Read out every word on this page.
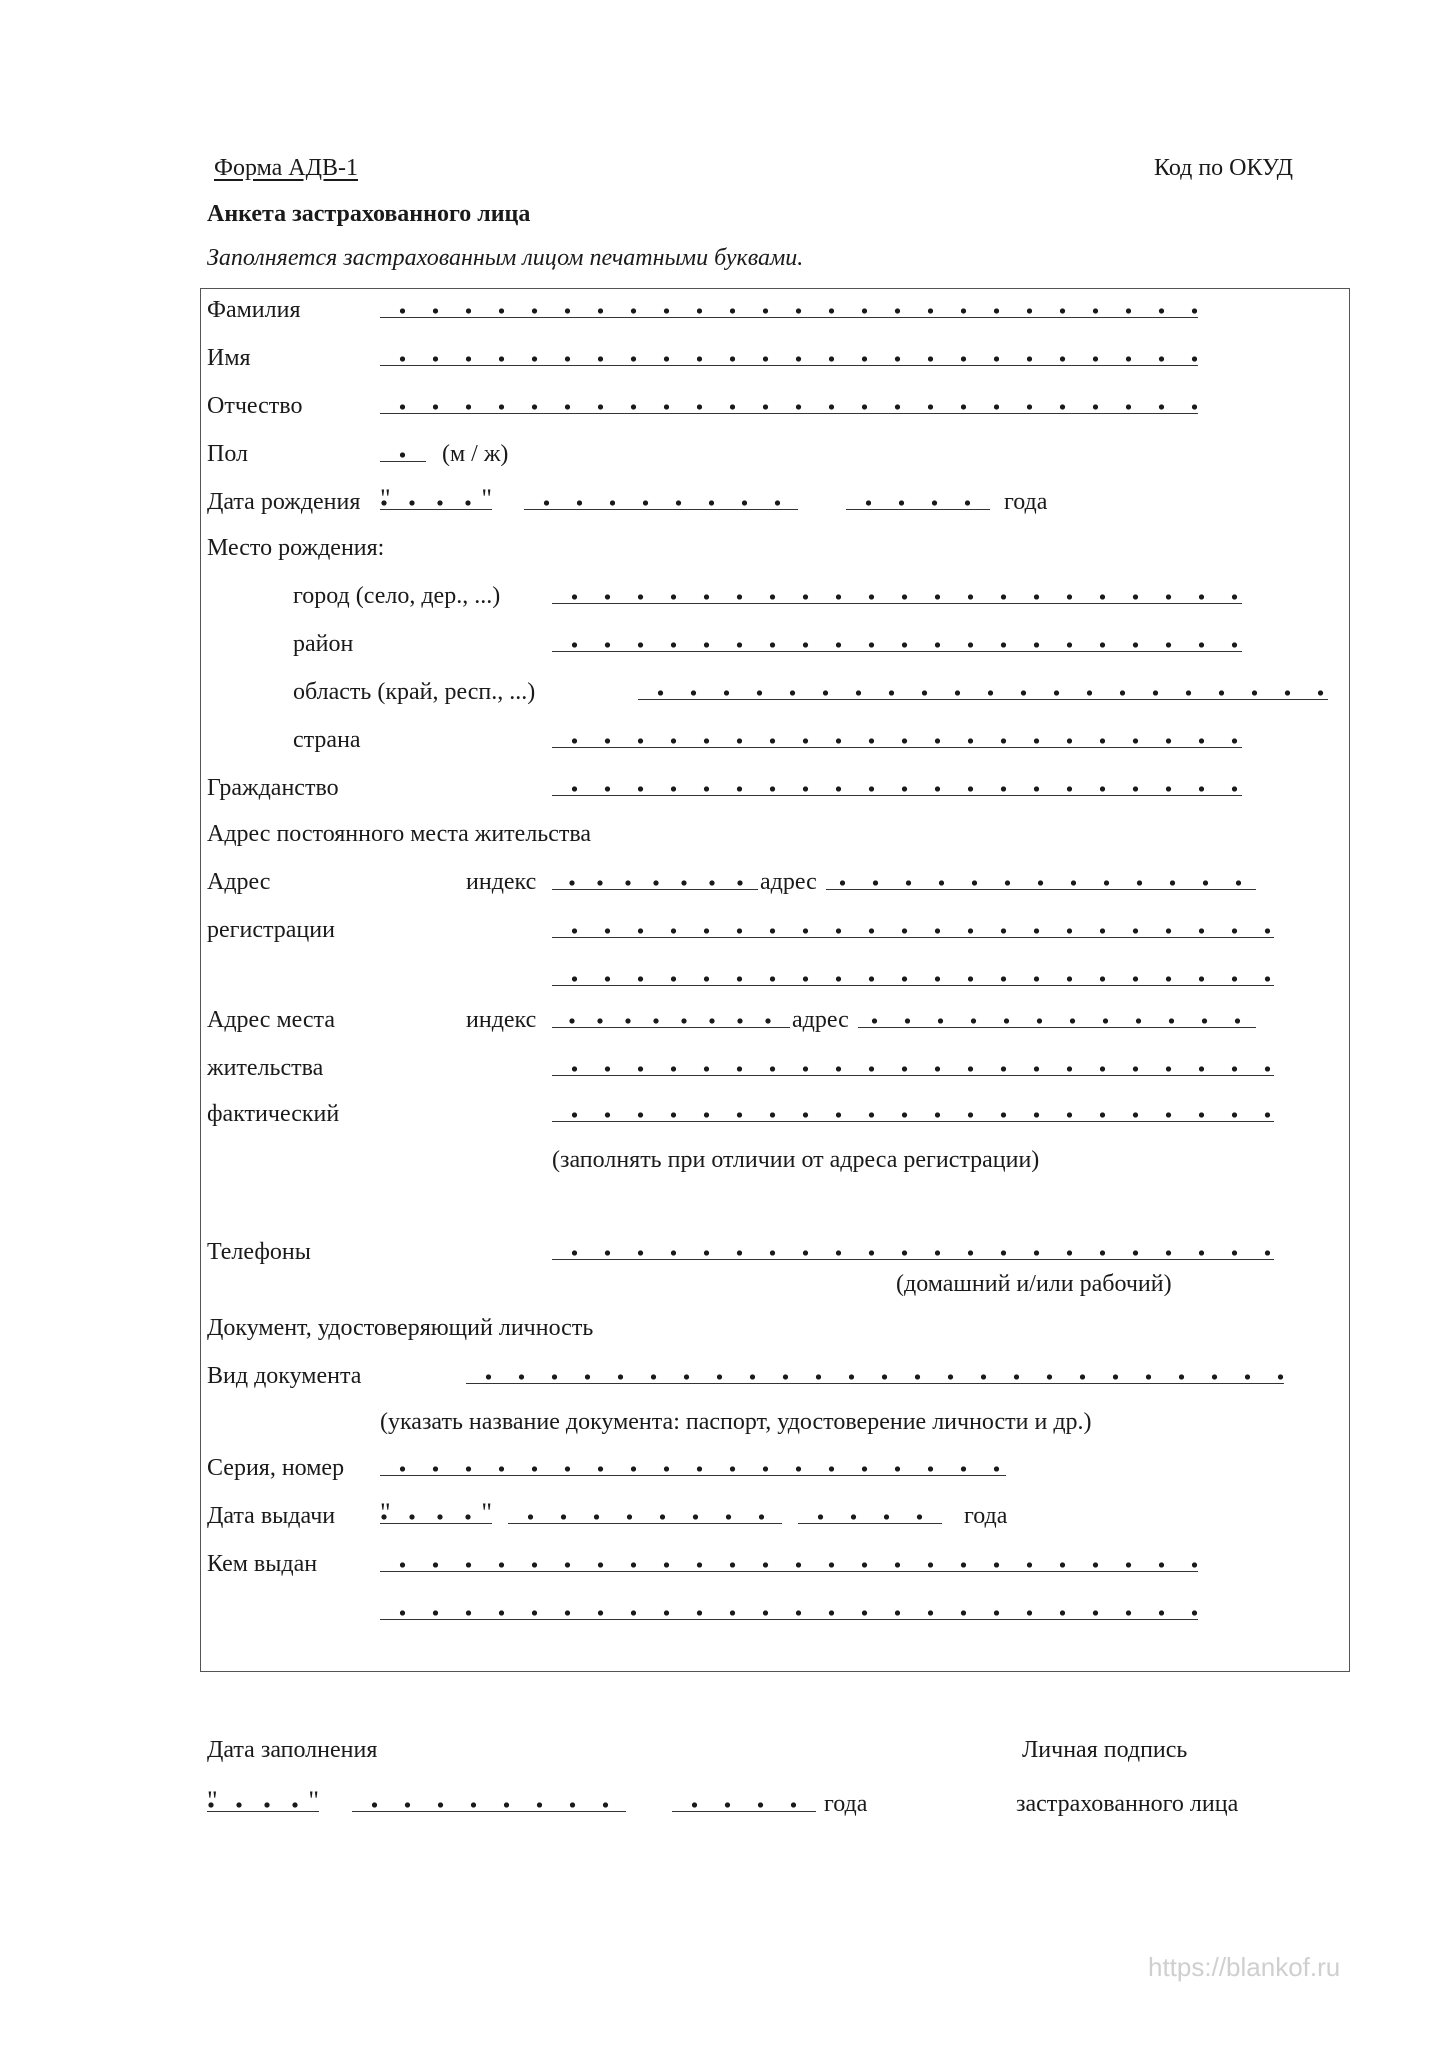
Форма АДВ-1	Код по ОКУД
Анкета застрахованного лица
Заполняется застрахованным лицом печатными буквами.
Фамилия
Имя
Отчество
Пол	(м / ж)
Дата рождения "	"	года
Место рождения:
город (село, дер., ...)
район
область (край, респ., ...)
страна
Гражданство
Адрес постоянного места жительства
Адрес	индекс	адрес
регистрации
Адрес места	индекс	адрес
жительства
фактический
(заполнять при отличии от адреса регистрации)
Телефоны
(домашний и/или рабочий)
Документ, удостоверяющий личность
Вид документа
(указать название документа: паспорт, удостоверение личности и др.)
Серия, номер
Дата выдачи "	"	года
Кем выдан
Дата заполнения	Личная подпись
"	"	года	застрахованного лица
https://blankof.ru
